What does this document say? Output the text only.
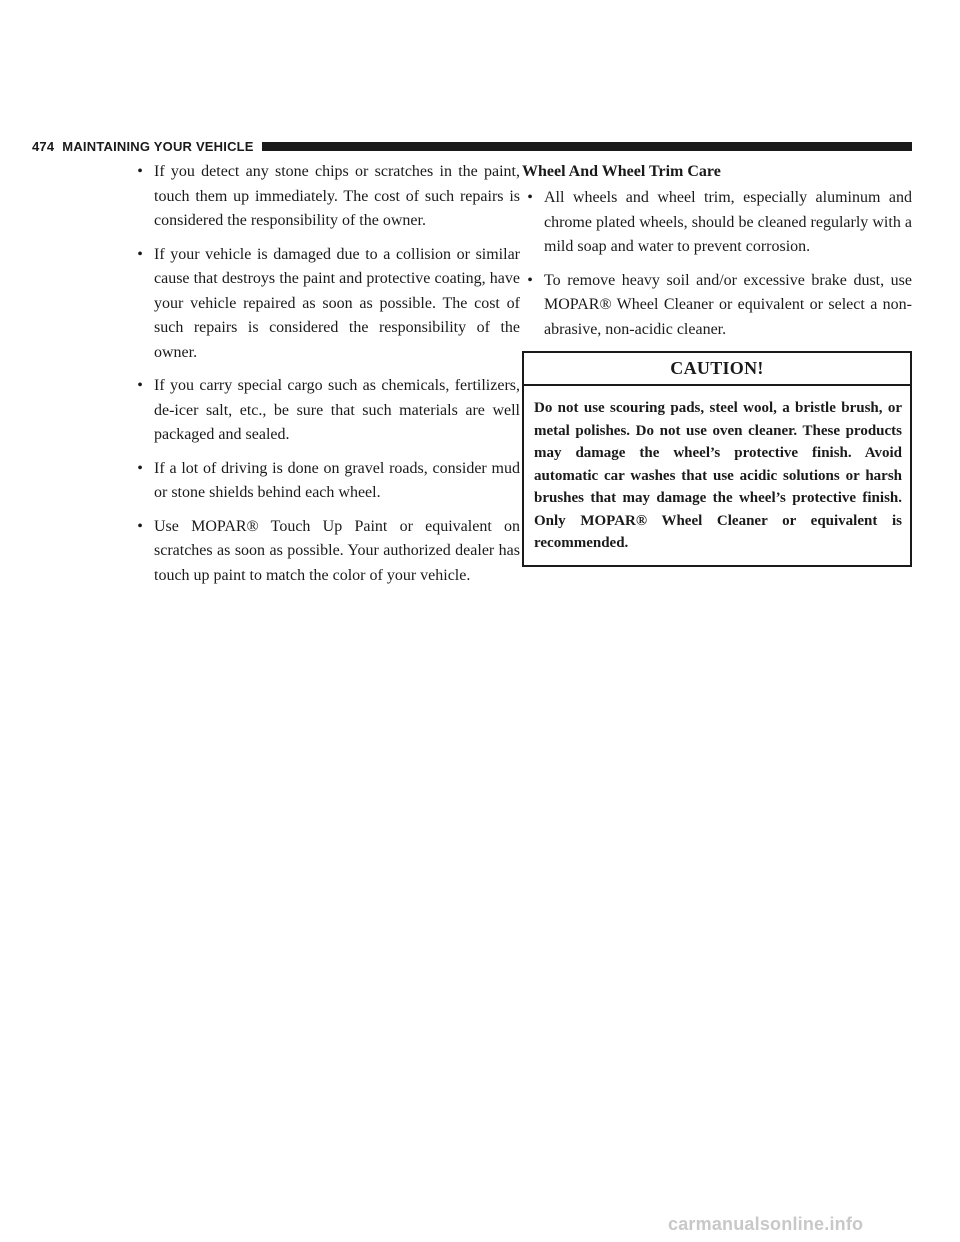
474 MAINTAINING YOUR VEHICLE
• If you detect any stone chips or scratches in the paint, touch them up immediately. The cost of such repairs is considered the responsibility of the owner.
• If your vehicle is damaged due to a collision or similar cause that destroys the paint and protective coating, have your vehicle repaired as soon as possible. The cost of such repairs is considered the responsibility of the owner.
• If you carry special cargo such as chemicals, fertilizers, de-icer salt, etc., be sure that such materials are well packaged and sealed.
• If a lot of driving is done on gravel roads, consider mud or stone shields behind each wheel.
• Use MOPAR® Touch Up Paint or equivalent on scratches as soon as possible. Your authorized dealer has touch up paint to match the color of your vehicle.
Wheel And Wheel Trim Care
• All wheels and wheel trim, especially aluminum and chrome plated wheels, should be cleaned regularly with a mild soap and water to prevent corrosion.
• To remove heavy soil and/or excessive brake dust, use MOPAR® Wheel Cleaner or equivalent or select a non-abrasive, non-acidic cleaner.
CAUTION!
Do not use scouring pads, steel wool, a bristle brush, or metal polishes. Do not use oven cleaner. These products may damage the wheel’s protective finish. Avoid automatic car washes that use acidic solutions or harsh brushes that may damage the wheel’s protective finish. Only MOPAR® Wheel Cleaner or equivalent is recommended.
carmanualsonline.info
